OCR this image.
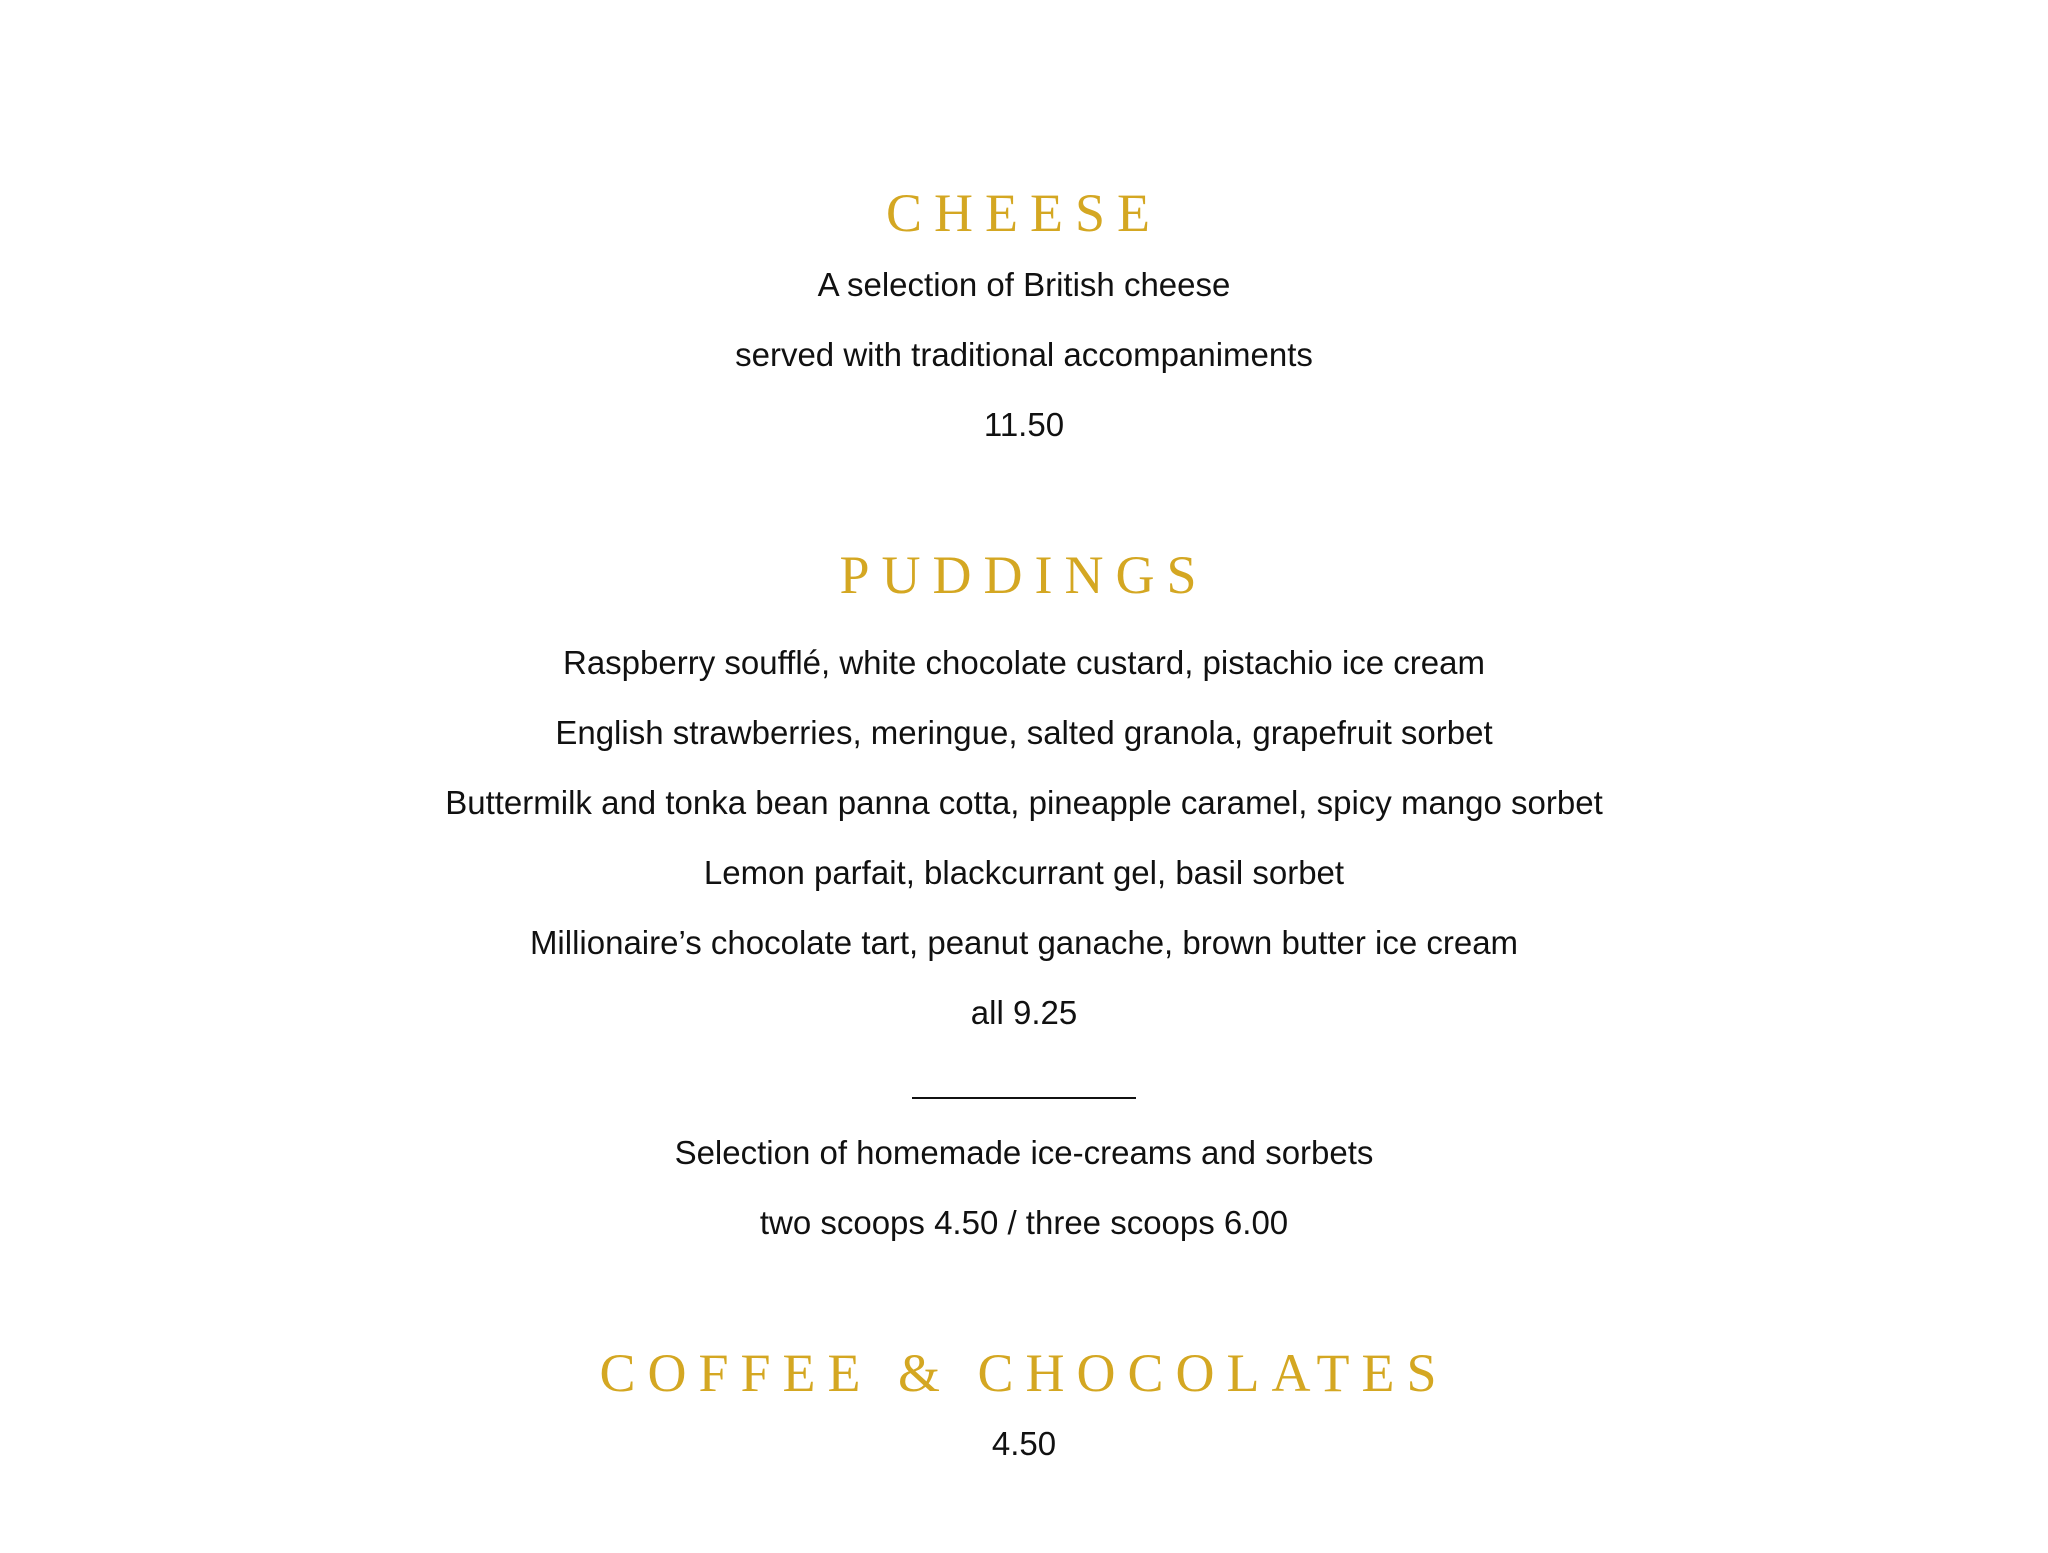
CHEESE
A selection of British cheese
served with traditional accompaniments
11.50
PUDDINGS
Raspberry soufflé, white chocolate custard, pistachio ice cream
English strawberries, meringue, salted granola, grapefruit sorbet
Buttermilk and tonka bean panna cotta, pineapple caramel, spicy mango sorbet
Lemon parfait, blackcurrant gel, basil sorbet
Millionaire’s chocolate tart, peanut ganache, brown butter ice cream
all 9.25
Selection of homemade ice-creams and sorbets
two scoops 4.50 / three scoops 6.00
COFFEE & CHOCOLATES
4.50
